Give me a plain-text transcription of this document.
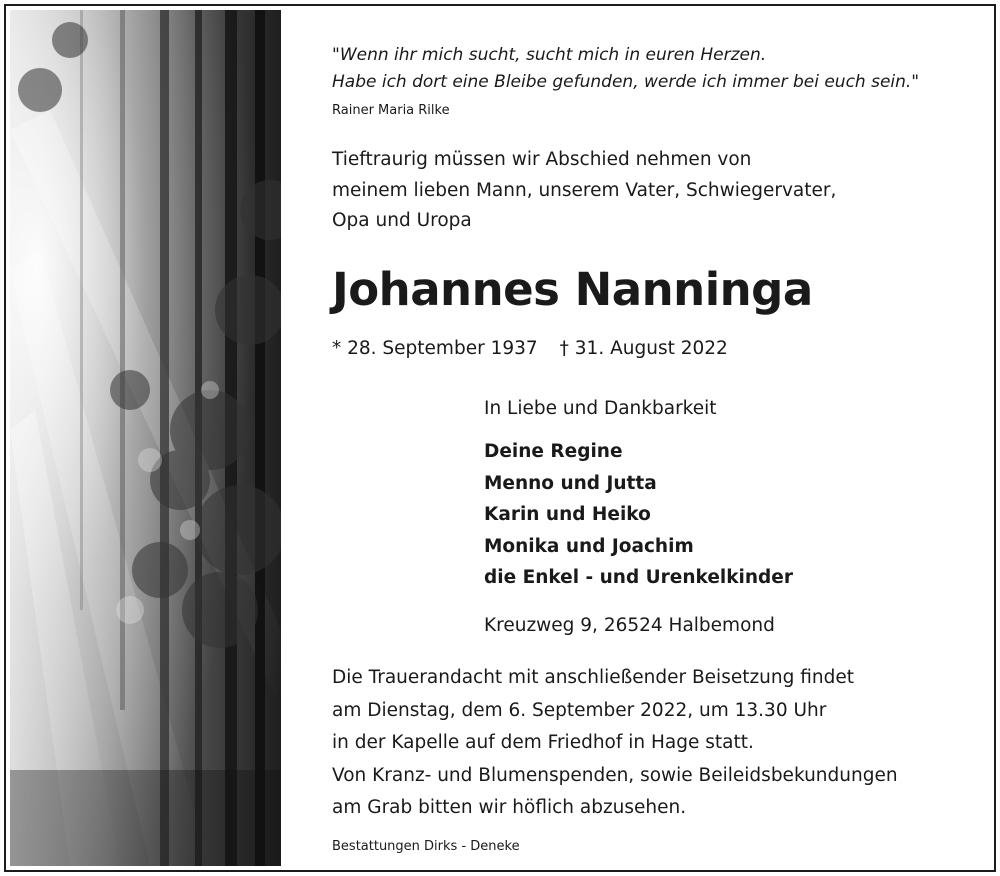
"Wenn ihr mich sucht, sucht mich in euren Herzen.
Habe ich dort eine Bleibe gefunden, werde ich immer bei euch sein."
Rainer Maria Rilke
Tieftraurig müssen wir Abschied nehmen von
meinem lieben Mann, unserem Vater, Schwiegervater,
Opa und Uropa
Johannes Nanninga
* 28. September 1937 † 31. August 2022
In Liebe und Dankbarkeit
Deine Regine
Menno und Jutta
Karin und Heiko
Monika und Joachim
die Enkel - und Urenkelkinder
Kreuzweg 9, 26524 Halbemond
Die Trauerandacht mit anschließender Beisetzung findet
am Dienstag, dem 6. September 2022, um 13.30 Uhr
in der Kapelle auf dem Friedhof in Hage statt.
Von Kranz- und Blumenspenden, sowie Beileidsbekundungen
am Grab bitten wir höflich abzusehen.
Bestattungen Dirks - Deneke
